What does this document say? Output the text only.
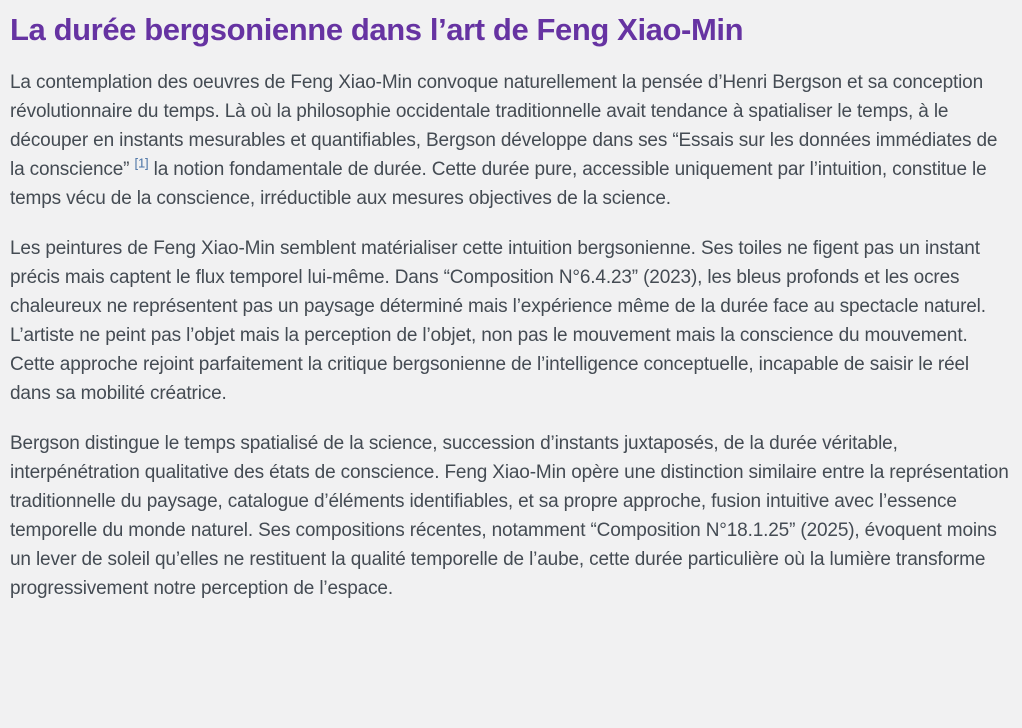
La durée bergsonienne dans l’art de Feng Xiao-Min

La contemplation des oeuvres de Feng Xiao-Min convoque naturellement la pensée d’Henri Bergson et sa conception révolutionnaire du temps. Là où la philosophie occidentale traditionnelle avait tendance à spatialiser le temps, à le découper en instants mesurables et quantifiables, Bergson développe dans ses “Essais sur les données immédiates de la conscience” [1] la notion fondamentale de durée. Cette durée pure, accessible uniquement par l’intuition, constitue le temps vécu de la conscience, irréductible aux mesures objectives de la science.

Les peintures de Feng Xiao-Min semblent matérialiser cette intuition bergsonienne. Ses toiles ne figent pas un instant précis mais captent le flux temporel lui-même. Dans “Composition N°6.4.23” (2023), les bleus profonds et les ocres chaleureux ne représentent pas un paysage déterminé mais l’expérience même de la durée face au spectacle naturel. L’artiste ne peint pas l’objet mais la perception de l’objet, non pas le mouvement mais la conscience du mouvement. Cette approche rejoint parfaitement la critique bergsonienne de l’intelligence conceptuelle, incapable de saisir le réel dans sa mobilité créatrice.

Bergson distingue le temps spatialisé de la science, succession d’instants juxtaposés, de la durée véritable, interpénétration qualitative des états de conscience. Feng Xiao-Min opère une distinction similaire entre la représentation traditionnelle du paysage, catalogue d’éléments identifiables, et sa propre approche, fusion intuitive avec l’essence temporelle du monde naturel. Ses compositions récentes, notamment “Composition N°18.1.25” (2025), évoquent moins un lever de soleil qu’elles ne restituent la qualité temporelle de l’aube, cette durée particulière où la lumière transforme progressivement notre perception de l’espace.
